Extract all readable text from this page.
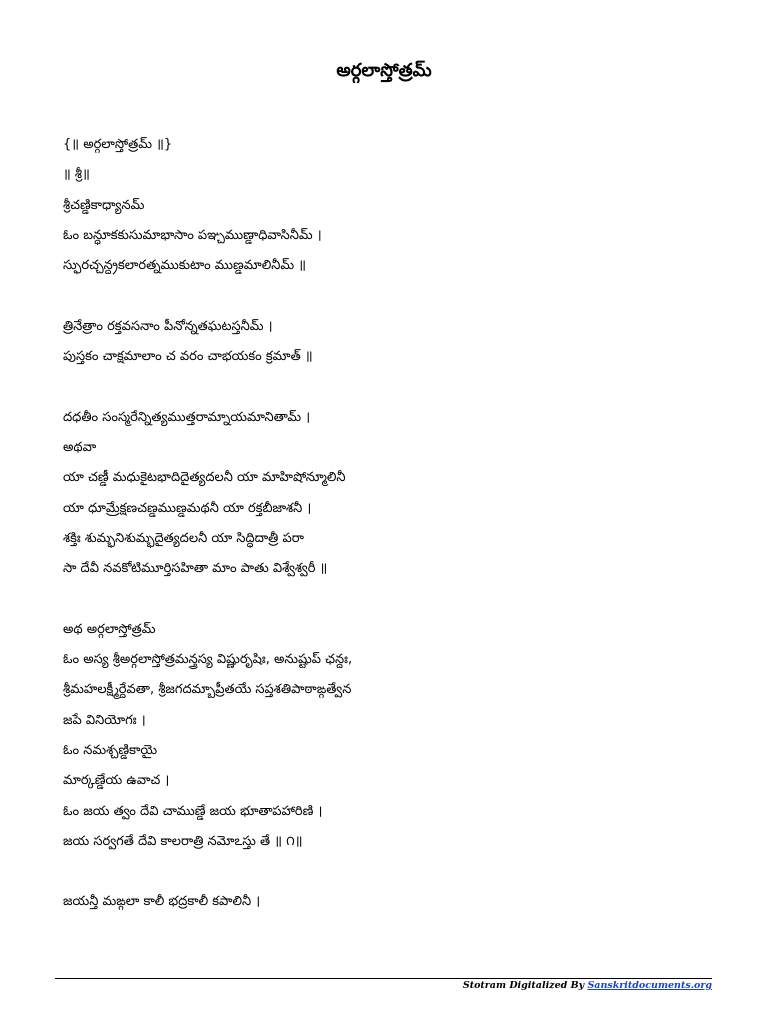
అర్గలాస్తోత్రమ్
{॥ అర్గలాస్తోత్రమ్ ॥}
॥ శ్రీ॥
శ్రీచణ్డికాధ్యానమ్
ఓం బన్ధూకకుసుమాభాసాం పఞ్చముణ్డాధివాసినీమ్ ।
స్ఫురచ్చన్ద్రకలారత్నముకుటాం ముణ్డమాలినీమ్ ॥
త్రినేత్రాం రక్తవసనాం పీనోన్నతఘటస్తనీమ్ ।
పుస్తకం చాక్షమాలాం చ వరం చాభయకం క్రమాత్ ॥
దధతీం సంస్మరేన్నిత్యముత్తరామ్నాయమానితామ్ ।
అథవా
యా చణ్డీ మధుకైటభాదిదైత్యదలనీ యా మాహిషోన్మూలినీ
యా ధూమ్రేక్షణచణ్డముణ్డమథనీ యా రక్తబీజాశనీ ।
శక్తిః శుమ్భనిశుమ్భదైత్యదలనీ యా సిద్ధిదాత్రీ పరా
సా దేవీ నవకోటిమూర్తిసహితా మాం పాతు విశ్వేశ్వరీ ॥
అథ అర్గలాస్తోత్రమ్
ఓం అస్య శ్రీఅర్గలాస్తోత్రమన్త్రస్య విష్ణురృషిః, అనుష్టుప్ ఛన్దః,
శ్రీమహలక్ష్మీర్దేవతా, శ్రీజగదమ్బాప్రీతయే సప్తశతిపాఠాఙ్గత్వేన
జపే వినియోగః ।
ఓం నమశ్చణ్డికాయై
మార్కణ్డేయ ఉవాచ ।
ఓం జయ త్వం దేవి చాముణ్డే జయ భూతాపహారిణి ।
జయ సర్వగతే దేవి కాలరాత్రి నమోఽస్తు తే ॥ ౧॥
జయన్తీ మఙ్గలా కాలీ భద్రకాలీ కపాలినీ ।
Stotram Digitalized By Sanskritdocuments.org
